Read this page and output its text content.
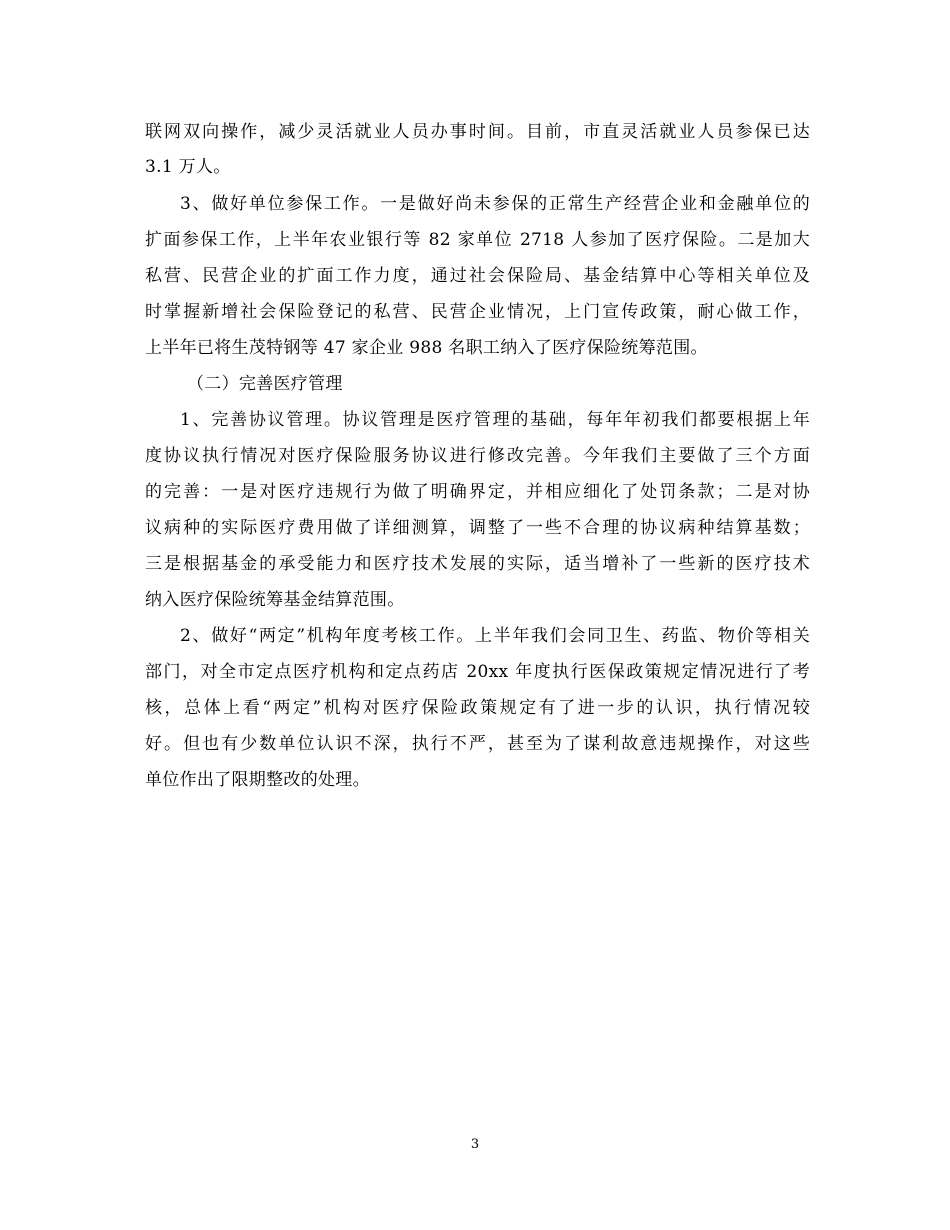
联网双向操作，减少灵活就业人员办事时间。目前，市直灵活就业人员参保已达
3.1 万人。
3、做好单位参保工作。一是做好尚未参保的正常生产经营企业和金融单位的
扩面参保工作，上半年农业银行等 82 家单位 2718 人参加了医疗保险。二是加大
私营、民营企业的扩面工作力度，通过社会保险局、基金结算中心等相关单位及
时掌握新增社会保险登记的私营、民营企业情况，上门宣传政策，耐心做工作，
上半年已将生茂特钢等 47 家企业 988 名职工纳入了医疗保险统筹范围。
（二）完善医疗管理
1、完善协议管理。协议管理是医疗管理的基础，每年年初我们都要根据上年
度协议执行情况对医疗保险服务协议进行修改完善。今年我们主要做了三个方面
的完善：一是对医疗违规行为做了明确界定，并相应细化了处罚条款；二是对协
议病种的实际医疗费用做了详细测算，调整了一些不合理的协议病种结算基数；
三是根据基金的承受能力和医疗技术发展的实际，适当增补了一些新的医疗技术
纳入医疗保险统筹基金结算范围。
2、做好“两定”机构年度考核工作。上半年我们会同卫生、药监、物价等相关
部门，对全市定点医疗机构和定点药店 20xx 年度执行医保政策规定情况进行了考
核，总体上看“两定”机构对医疗保险政策规定有了进一步的认识，执行情况较
好。但也有少数单位认识不深，执行不严，甚至为了谋利故意违规操作，对这些
单位作出了限期整改的处理。
3
